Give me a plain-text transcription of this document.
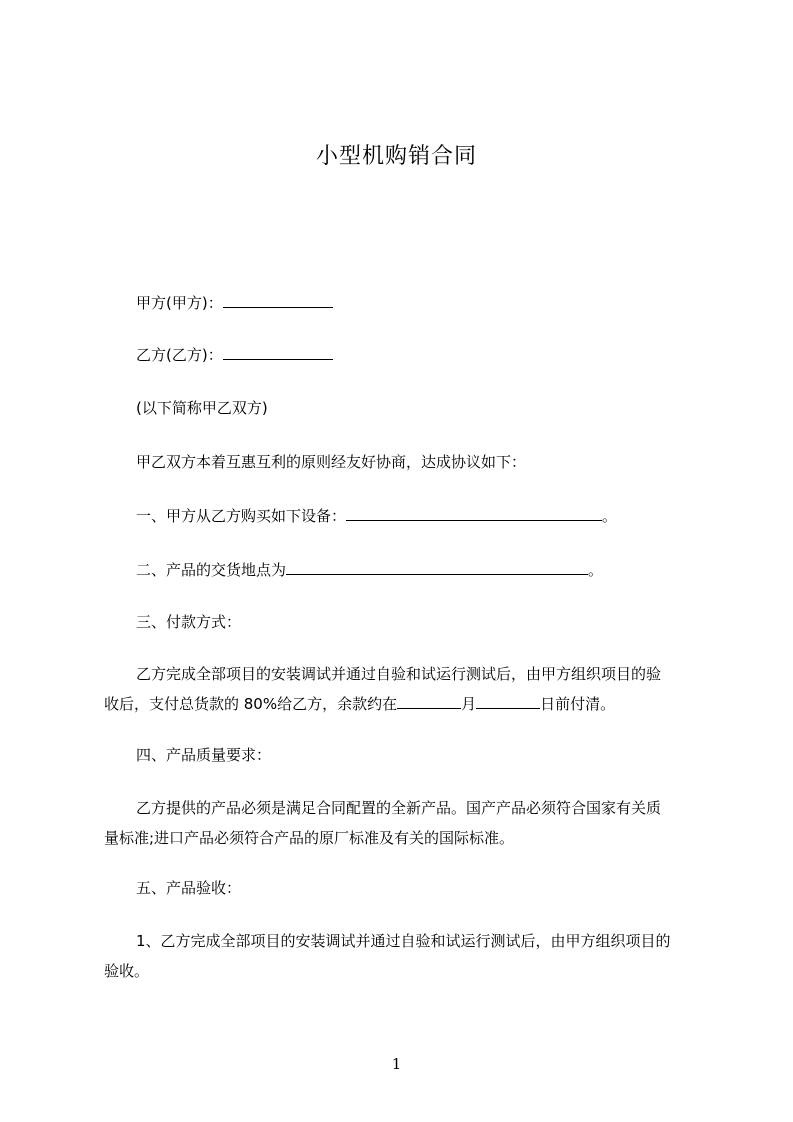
小型机购销合同
甲方(甲方)：
乙方(乙方)：
(以下简称甲乙双方)
甲乙双方本着互惠互利的原则经友好协商，达成协议如下：
一、甲方从乙方购买如下设备：	。
二、产品的交货地点为	。
三、付款方式：
乙方完成全部项目的安装调试并通过自验和试运行测试后，由甲方组织项目的验
收后，支付总货款的 80%给乙方，余款约在	月	日前付清。
四、产品质量要求：
乙方提供的产品必须是满足合同配置的全新产品。国产产品必须符合国家有关质
量标准;进口产品必须符合产品的原厂标准及有关的国际标准。
五、产品验收：
1、乙方完成全部项目的安装调试并通过自验和试运行测试后，由甲方组织项目的
验收。
1
